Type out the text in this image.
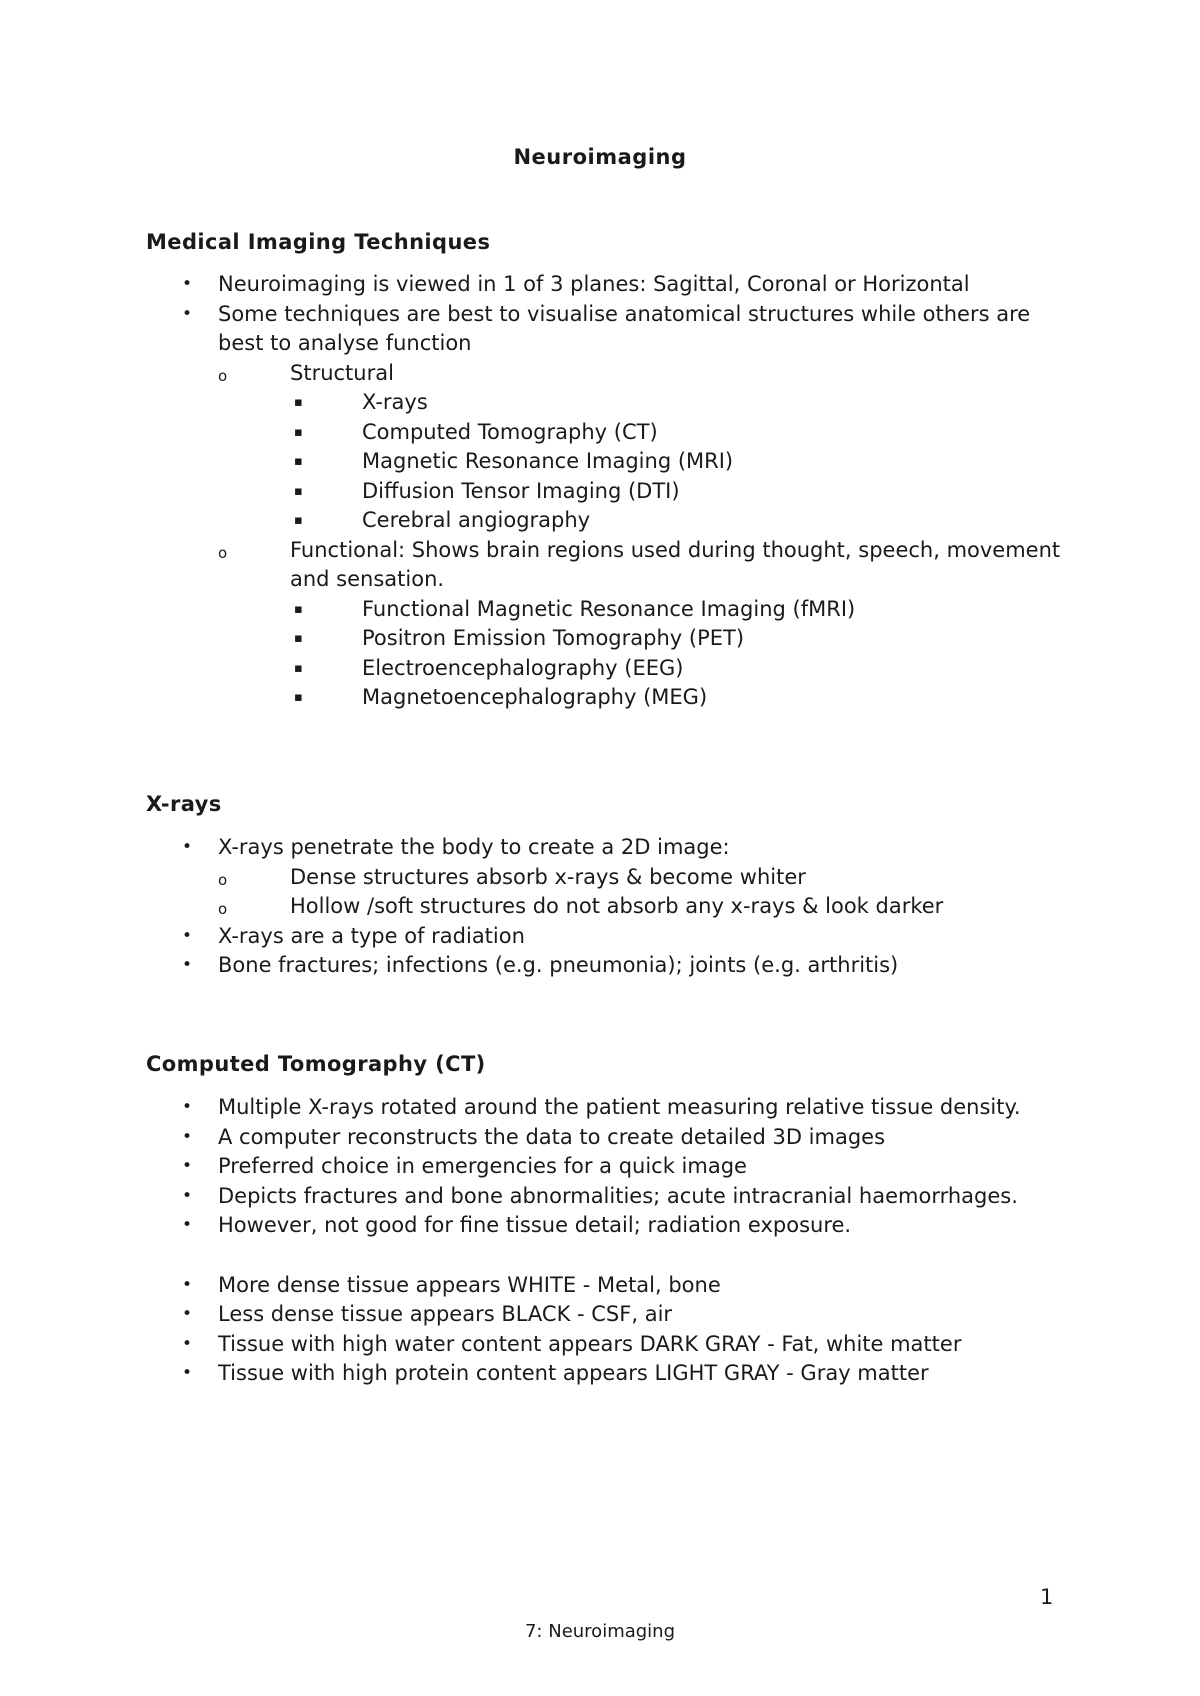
Neuroimaging
Medical Imaging Techniques
• Neuroimaging is viewed in 1 of 3 planes: Sagittal, Coronal or Horizontal
• Some techniques are best to visualise anatomical structures while others are best to analyse function
o	Structural
▪	X-rays
▪	Computed Tomography (CT)
▪	Magnetic Resonance Imaging (MRI)
▪	Diffusion Tensor Imaging (DTI)
▪	Cerebral angiography
o	Functional: Shows brain regions used during thought, speech, movement and sensation.
▪	Functional Magnetic Resonance Imaging (fMRI)
▪	Positron Emission Tomography (PET)
▪	Electroencephalography (EEG)
▪	Magnetoencephalography (MEG)
X-rays
• X-rays penetrate the body to create a 2D image:
o	Dense structures absorb x-rays & become whiter
o	Hollow /soft structures do not absorb any x-rays & look darker
• X-rays are a type of radiation
• Bone fractures; infections (e.g. pneumonia); joints (e.g. arthritis)
Computed Tomography (CT)
• Multiple X-rays rotated around the patient measuring relative tissue density.
• A computer reconstructs the data to create detailed 3D images
• Preferred choice in emergencies for a quick image
• Depicts fractures and bone abnormalities; acute intracranial haemorrhages.
• However, not good for fine tissue detail; radiation exposure.
• More dense tissue appears WHITE - Metal, bone
• Less dense tissue appears BLACK - CSF, air
• Tissue with high water content appears DARK GRAY - Fat, white matter
• Tissue with high protein content appears LIGHT GRAY - Gray matter
1
7: Neuroimaging
